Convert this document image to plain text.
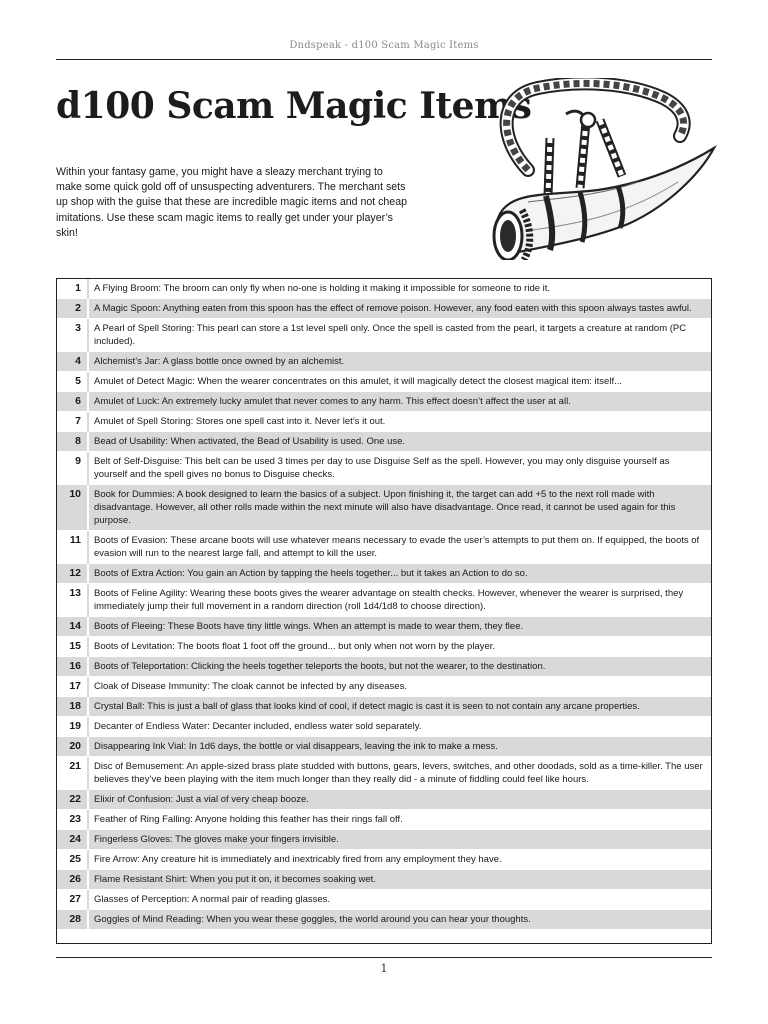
Dndspeak - d100 Scam Magic Items
d100 Scam Magic Items

Within your fantasy game, you might have a sleazy merchant trying to make some quick gold off of unsuspecting adventurers. The merchant sets up shop with the guise that these are incredible magic items and not cheap imitations. Use these scam magic items to really get under your player’s skin!

1	A Flying Broom: The broom can only fly when no-one is holding it making it impossible for someone to ride it.
2	A Magic Spoon: Anything eaten from this spoon has the effect of remove poison. However, any food eaten with this spoon always tastes awful.
3	A Pearl of Spell Storing: This pearl can store a 1st level spell only. Once the spell is casted from the pearl, it targets a creature at random (PC included).
4	Alchemist’s Jar: A glass bottle once owned by an alchemist.
5	Amulet of Detect Magic: When the wearer concentrates on this amulet, it will magically detect the closest magical item: itself...
6	Amulet of Luck: An extremely lucky amulet that never comes to any harm. This effect doesn’t affect the user at all.
7	Amulet of Spell Storing: Stores one spell cast into it. Never let’s it out.
8	Bead of Usability: When activated, the Bead of Usability is used. One use.
9	Belt of Self-Disguise: This belt can be used 3 times per day to use Disguise Self as the spell. However, you may only disguise yourself as yourself and the spell gives no bonus to Disguise checks.
10	Book for Dummies: A book designed to learn the basics of a subject. Upon finishing it, the target can add +5 to the next roll made with disadvantage. However, all other rolls made within the next minute will also have disadvantage. Once read, it cannot be used again for this purpose.
11	Boots of Evasion: These arcane boots will use whatever means necessary to evade the user’s attempts to put them on. If equipped, the boots of evasion will run to the nearest large fall, and attempt to kill the user.
12	Boots of Extra Action: You gain an Action by tapping the heels together... but it takes an Action to do so.
13	Boots of Feline Agility: Wearing these boots gives the wearer advantage on stealth checks. However, whenever the wearer is surprised, they immediately jump their full movement in a random direction (roll 1d4/1d8 to choose direction).
14	Boots of Fleeing: These Boots have tiny little wings. When an attempt is made to wear them, they flee.
15	Boots of Levitation: The boots float 1 foot off the ground... but only when not worn by the player.
16	Boots of Teleportation: Clicking the heels together teleports the boots, but not the wearer, to the destination.
17	Cloak of Disease Immunity: The cloak cannot be infected by any diseases.
18	Crystal Ball: This is just a ball of glass that looks kind of cool, if detect magic is cast it is seen to not contain any arcane properties.
19	Decanter of Endless Water: Decanter included, endless water sold separately.
20	Disappearing Ink Vial: In 1d6 days, the bottle or vial disappears, leaving the ink to make a mess.
21	Disc of Bemusement: An apple-sized brass plate studded with buttons, gears, levers, switches, and other doodads, sold as a time-killer. The user believes they’ve been playing with the item much longer than they really did - a minute of fiddling could feel like hours.
22	Elixir of Confusion: Just a vial of very cheap booze.
23	Feather of Ring Falling: Anyone holding this feather has their rings fall off.
24	Fingerless Gloves: The gloves make your fingers invisible.
25	Fire Arrow: Any creature hit is immediately and inextricably fired from any employment they have.
26	Flame Resistant Shirt: When you put it on, it becomes soaking wet.
27	Glasses of Perception: A normal pair of reading glasses.
28	Goggles of Mind Reading: When you wear these goggles, the world around you can hear your thoughts.
1
